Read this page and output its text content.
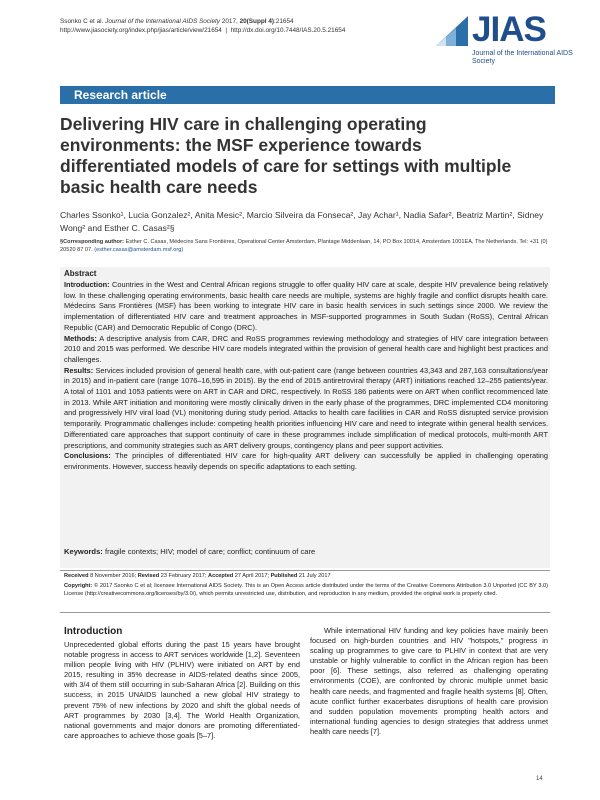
Ssonko C et al. Journal of the International AIDS Society 2017, 20(Suppl 4):21654
http://www.jiasociety.org/index.php/jias/article/view/21654  |  http://dx.doi.org/10.7448/IAS.20.5.21654	JIAS
Journal of the International AIDS Society
Research article
Delivering HIV care in challenging operating environments: the MSF experience towards differentiated models of care for settings with multiple basic health care needs
Charles Ssonko¹, Lucia Gonzalez², Anita Mesic², Marcio Silveira da Fonseca², Jay Achar¹, Nadia Safar², Beatriz Martin², Sidney Wong² and Esther C. Casas²§
§Corresponding author: Esther C. Casas, Médecins Sans Frontières, Operational Center Amsterdam, Plantage Middenlaan, 14, PO Box 10014, Amsterdam 1001EA, The Netherlands. Tel: +31 (0) 20520 87 07. (esther.casas@amsterdam.msf.org)
Abstract

Introduction: Countries in the West and Central African regions struggle to offer quality HIV care at scale, despite HIV prevalence being relatively low. In these challenging operating environments, basic health care needs are multiple, systems are highly fragile and conflict disrupts health care. Médecins Sans Frontières (MSF) has been working to integrate HIV care in basic health services in such settings since 2000. We review the implementation of differentiated HIV care and treatment approaches in MSF-supported programmes in South Sudan (RoSS), Central African Republic (CAR) and Democratic Republic of Congo (DRC).

Methods: A descriptive analysis from CAR, DRC and RoSS programmes reviewing methodology and strategies of HIV care integration between 2010 and 2015 was performed. We describe HIV care models integrated within the provision of general health care and highlight best practices and challenges.

Results: Services included provision of general health care, with out-patient care (range between countries 43,343 and 287,163 consultations/year in 2015) and in-patient care (range 1076–16,595 in 2015). By the end of 2015 antiretroviral therapy (ART) initiations reached 12–255 patients/year. A total of 1101 and 1053 patients were on ART in CAR and DRC, respectively. In RoSS 186 patients were on ART when conflict recommenced late in 2013. While ART initiation and monitoring were mostly clinically driven in the early phase of the programmes, DRC implemented CD4 monitoring and progressively HIV viral load (VL) monitoring during study period. Attacks to health care facilities in CAR and RoSS disrupted service provision temporarily. Programmatic challenges include: competing health priorities influencing HIV care and need to integrate within general health services. Differentiated care approaches that support continuity of care in these programmes include simplification of medical protocols, multi-month ART prescriptions, and community strategies such as ART delivery groups, contingency plans and peer support activities.

Conclusions: The principles of differentiated HIV care for high-quality ART delivery can successfully be applied in challenging operating environments. However, success heavily depends on specific adaptations to each setting.

Keywords: fragile contexts; HIV; model of care; conflict; continuum of care
Received 8 November 2016; Revised 23 February 2017; Accepted 27 April 2017; Published 21 July 2017
Copyright: © 2017 Ssonko C et al; licensee International AIDS Society. This is an Open Access article distributed under the terms of the Creative Commons Attribution 3.0 Unported (CC BY 3.0) License (http://creativecommons.org/licenses/by/3.0/), which permits unrestricted use, distribution, and reproduction in any medium, provided the original work is properly cited.
Introduction
Unprecedented global efforts during the past 15 years have brought notable progress in access to ART services worldwide [1,2]. Seventeen million people living with HIV (PLHIV) were initiated on ART by end 2015, resulting in 35% decrease in AIDS-related deaths since 2005, with 3/4 of them still occurring in sub-Saharan Africa [2]. Building on this success, in 2015 UNAIDS launched a new global HIV strategy to prevent 75% of new infections by 2020 and shift the global needs of ART programmes by 2030 [3,4]. The World Health Organization, national governments and major donors are promoting differentiated-care approaches to achieve those goals [5–7].
While international HIV funding and key policies have mainly been focused on high-burden countries and HIV "hotspots," progress in scaling up programmes to give care to PLHIV in context that are very unstable or highly vulnerable to conflict in the African region has been poor [6]. These settings, also referred as challenging operating environments (COE), are confronted by chronic multiple unmet basic health care needs, and fragmented and fragile health systems [8]. Often, acute conflict further exacerbates disruptions of health care provision and sudden population movements prompting health actors and international funding agencies to design strategies that address unmet health care needs [7].
14
